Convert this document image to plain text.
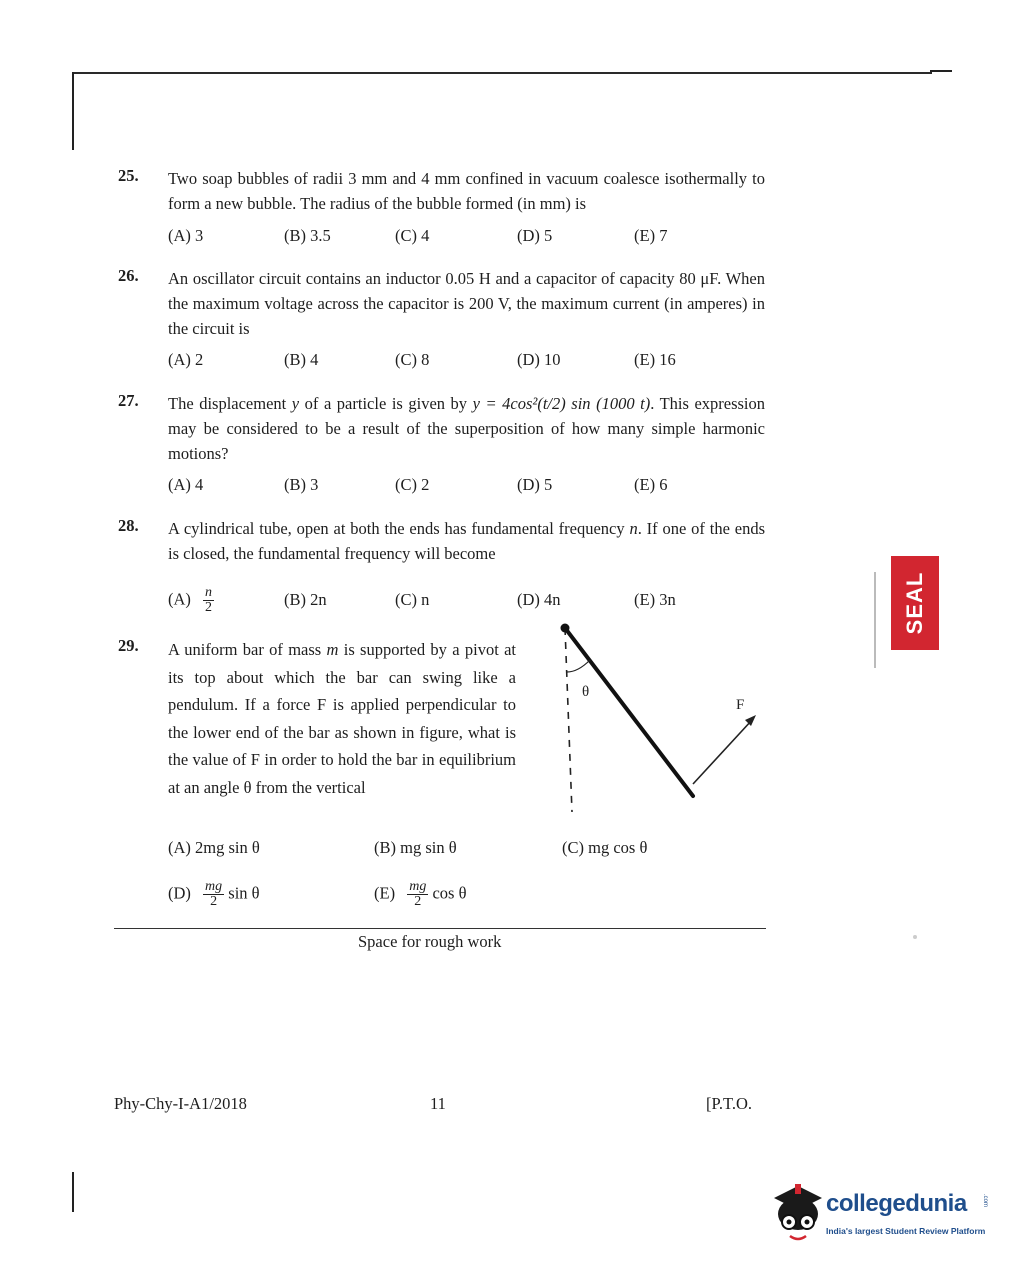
25. Two soap bubbles of radii 3 mm and 4 mm confined in vacuum coalesce isothermally to form a new bubble. The radius of the bubble formed (in mm) is
(A) 3	(B) 3.5	(C) 4	(D) 5	(E) 7
26. An oscillator circuit contains an inductor 0.05 H and a capacitor of capacity 80 μF. When the maximum voltage across the capacitor is 200 V, the maximum current (in amperes) in the circuit is
(A) 2	(B) 4	(C) 8	(D) 10	(E) 16
27. The displacement y of a particle is given by y = 4cos²(t/2) sin (1000 t). This expression may be considered to be a result of the superposition of how many simple harmonic motions?
(A) 4	(B) 3	(C) 2	(D) 5	(E) 6
28. A cylindrical tube, open at both the ends has fundamental frequency n. If one of the ends is closed, the fundamental frequency will become
$(A) \frac{n}{2}$	(B) 2n	(C) n	(D) 4n	(E) 3n
29. A uniform bar of mass m is supported by a pivot at its top about which the bar can swing like a pendulum. If a force F is applied perpendicular to the lower end of the bar as shown in figure, what is the value of F in order to hold the bar in equilibrium at an angle θ from the vertical
(A) 2mg sin θ	(B) mg sin θ	(C) mg cos θ
$(D) \frac{mg}{2}$ sin θ	$(E) \frac{mg}{2}$ cos θ
θ
F
Space for rough work
Phy-Chy-I-A1/2018	11	[P.T.O.
SEAL
collegedunia	.com
India's largest Student Review Platform
